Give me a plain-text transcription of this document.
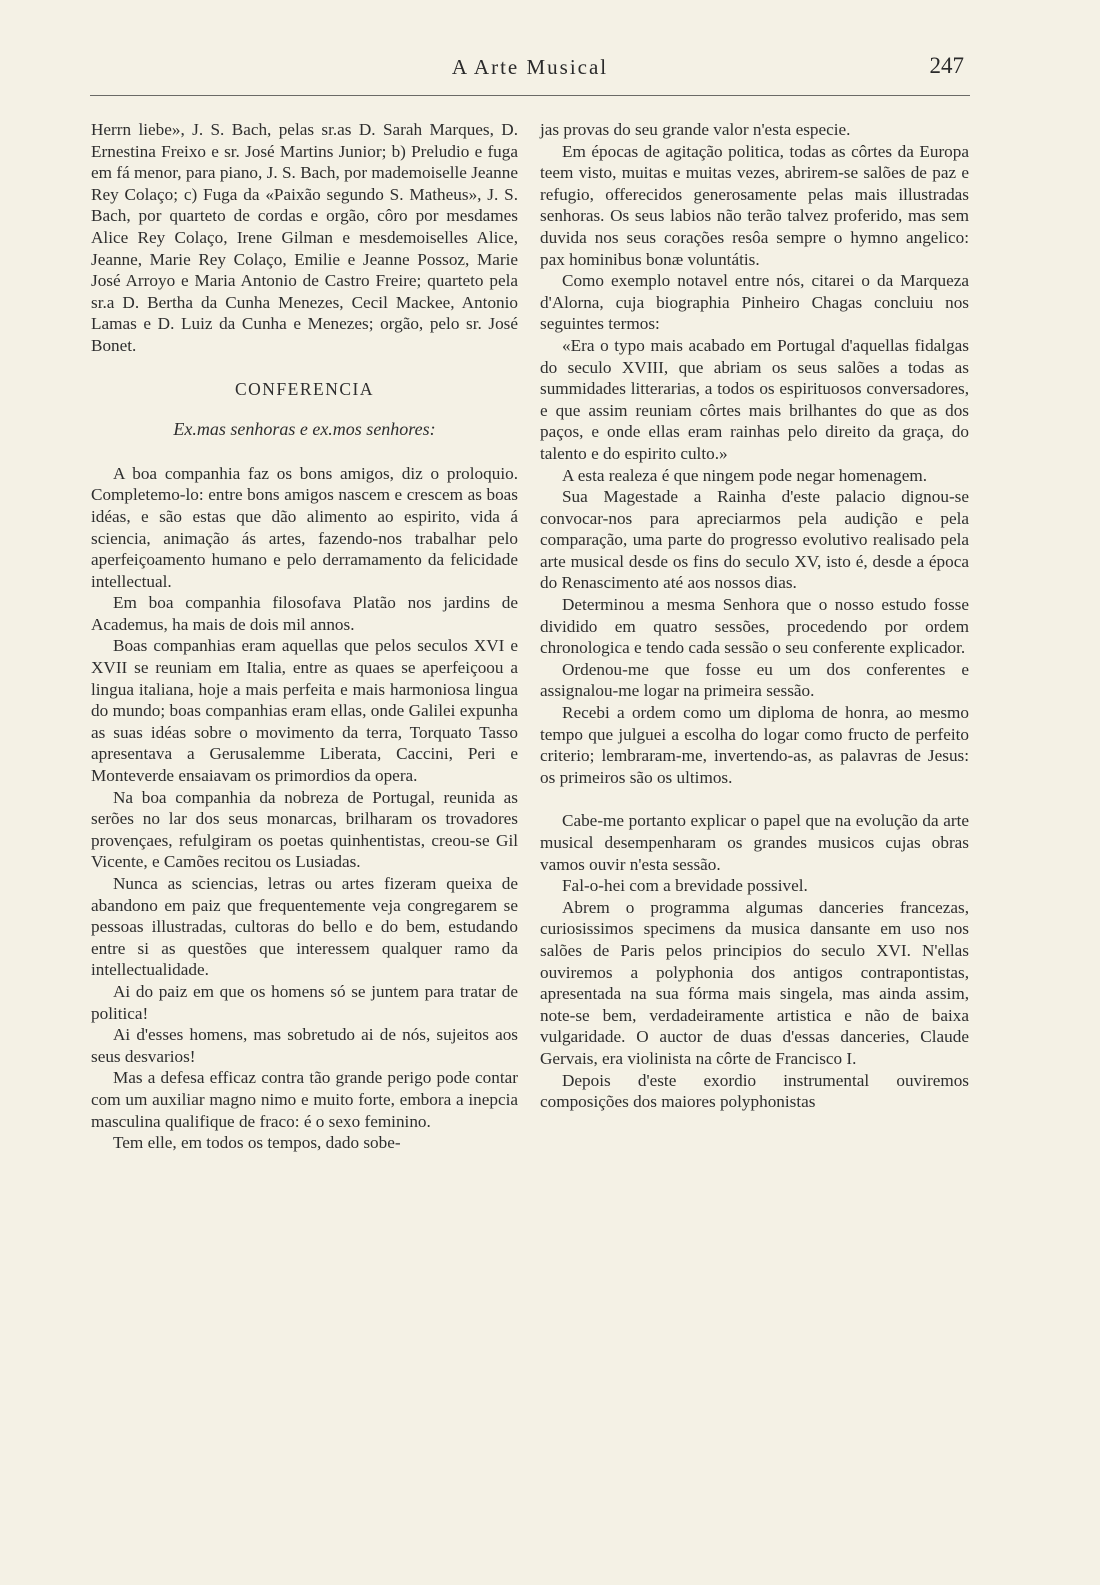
A Arte Musical	247

Herrn liebe», J. S. Bach, pelas sr.as D. Sarah Marques, D. Ernestina Freixo e sr. José Martins Junior; b) Preludio e fuga em fá menor, para piano, J. S. Bach, por mademoiselle Jeanne Rey Colaço; c) Fuga da «Paixão segundo S. Matheus», J. S. Bach, por quarteto de cordas e orgão, côro por mesdames Alice Rey Colaço, Irene Gilman e mesdemoiselles Alice, Jeanne, Marie Rey Colaço, Emilie e Jeanne Possoz, Marie José Arroyo e Maria Antonio de Castro Freire; quarteto pela sr.a D. Bertha da Cunha Menezes, Cecil Mackee, Antonio Lamas e D. Luiz da Cunha e Menezes; orgão, pelo sr. José Bonet.

CONFERENCIA

Ex.mas senhoras e ex.mos senhores:

A boa companhia faz os bons amigos, diz o proloquio. Completemo-lo: entre bons amigos nascem e crescem as boas idéas, e são estas que dão alimento ao espirito, vida á sciencia, animação ás artes, fazendo-nos trabalhar pelo aperfeiçoamento humano e pelo derramamento da felicidade intellectual.

Em boa companhia filosofava Platão nos jardins de Academus, ha mais de dois mil annos.

Boas companhias eram aquellas que pelos seculos XVI e XVII se reuniam em Italia, entre as quaes se aperfeiçoou a lingua italiana, hoje a mais perfeita e mais harmoniosa lingua do mundo; boas companhias eram ellas, onde Galilei expunha as suas idéas sobre o movimento da terra, Torquato Tasso apresentava a Gerusalemme Liberata, Caccini, Peri e Monteverde ensaiavam os primordios da opera.

Na boa companhia da nobreza de Portugal, reunida as serões no lar dos seus monarcas, brilharam os trovadores provençaes, refulgiram os poetas quinhentistas, creou-se Gil Vicente, e Camões recitou os Lusiadas.

Nunca as sciencias, letras ou artes fizeram queixa de abandono em paiz que frequentemente veja congregarem se pessoas illustradas, cultoras do bello e do bem, estudando entre si as questões que interessem qualquer ramo da intellectualidade.

Ai do paiz em que os homens só se juntem para tratar de politica!

Ai d'esses homens, mas sobretudo ai de nós, sujeitos aos seus desvarios!

Mas a defesa efficaz contra tão grande perigo pode contar com um auxiliar magno nimo e muito forte, embora a inepcia masculina qualifique de fraco: é o sexo feminino.

Tem elle, em todos os tempos, dado sobe-

jas provas do seu grande valor n'esta especie.

Em épocas de agitação politica, todas as côrtes da Europa teem visto, muitas e muitas vezes, abrirem-se salões de paz e refugio, offerecidos generosamente pelas mais illustradas senhoras. Os seus labios não terão talvez proferido, mas sem duvida nos seus corações resôa sempre o hymno angelico: pax hominibus bonæ voluntátis.

Como exemplo notavel entre nós, citarei o da Marqueza d'Alorna, cuja biographia Pinheiro Chagas concluiu nos seguintes termos:

«Era o typo mais acabado em Portugal d'aquellas fidalgas do seculo XVIII, que abriam os seus salões a todas as summidades litterarias, a todos os espirituosos conversadores, e que assim reuniam côrtes mais brilhantes do que as dos paços, e onde ellas eram rainhas pelo direito da graça, do talento e do espirito culto.»

A esta realeza é que ningem pode negar homenagem.

Sua Magestade a Rainha d'este palacio dignou-se convocar-nos para apreciarmos pela audição e pela comparação, uma parte do progresso evolutivo realisado pela arte musical desde os fins do seculo XV, isto é, desde a época do Renascimento até aos nossos dias.

Determinou a mesma Senhora que o nosso estudo fosse dividido em quatro sessões, procedendo por ordem chronologica e tendo cada sessão o seu conferente explicador.

Ordenou-me que fosse eu um dos conferentes e assignalou-me logar na primeira sessão.

Recebi a ordem como um diploma de honra, ao mesmo tempo que julguei a escolha do logar como fructo de perfeito criterio; lembraram-me, invertendo-as, as palavras de Jesus: os primeiros são os ultimos.

Cabe-me portanto explicar o papel que na evolução da arte musical desempenharam os grandes musicos cujas obras vamos ouvir n'esta sessão.

Fal-o-hei com a brevidade possivel.

Abrem o programma algumas danceries francezas, curiosissimos specimens da musica dansante em uso nos salões de Paris pelos principios do seculo XVI. N'ellas ouviremos a polyphonia dos antigos contrapontistas, apresentada na sua fórma mais singela, mas ainda assim, note-se bem, verdadeiramente artistica e não de baixa vulgaridade. O auctor de duas d'essas danceries, Claude Gervais, era violinista na côrte de Francisco I.

Depois d'este exordio instrumental ouviremos composições dos maiores polyphonistas
